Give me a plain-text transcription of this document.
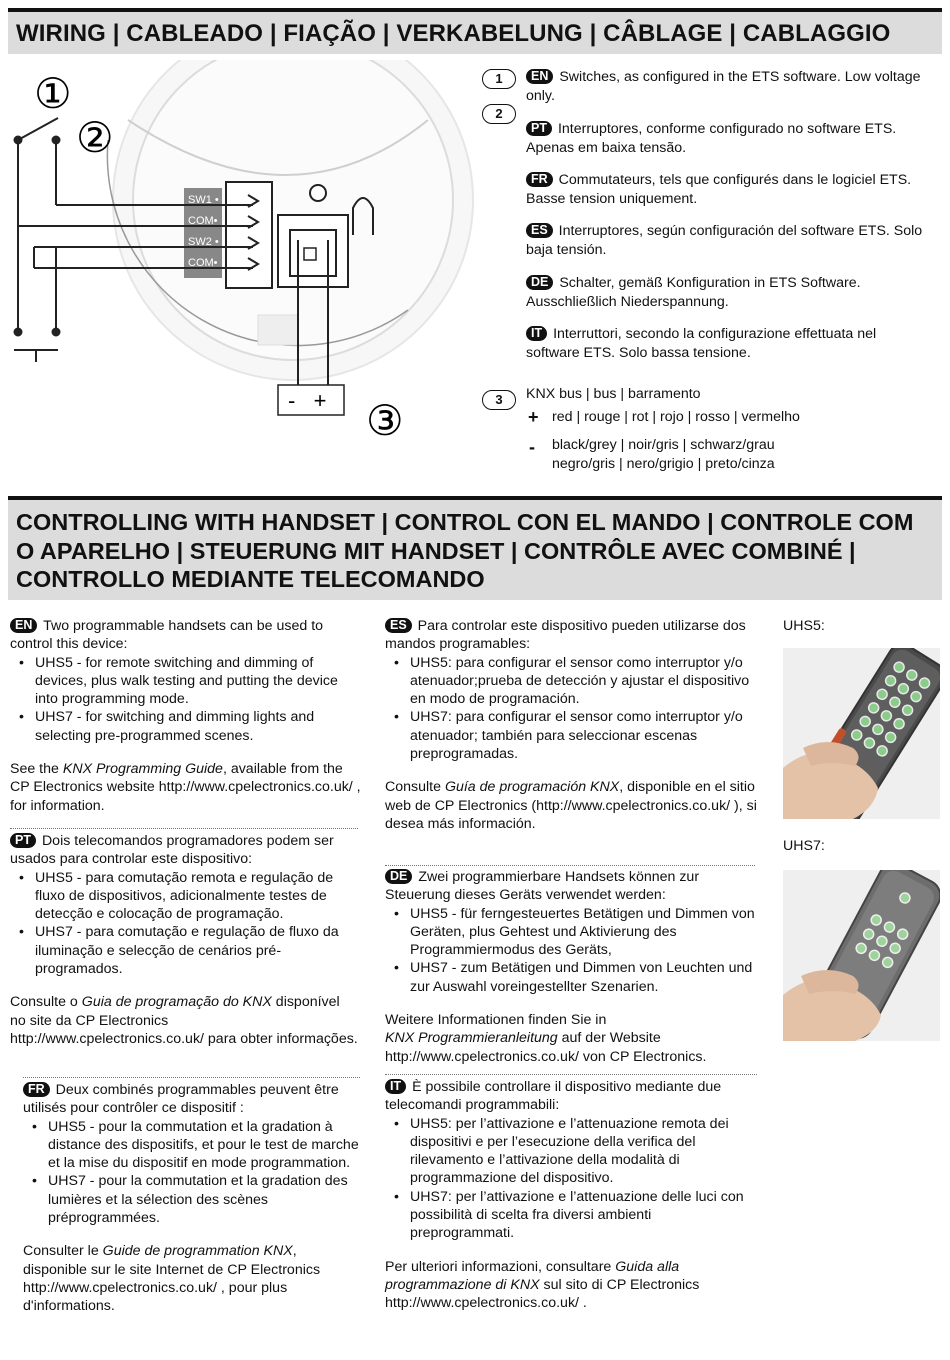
WIRING | CABLEADO | FIAÇÃO | VERKABELUNG | CÂBLAGE | CABLAGGIO
SW1 •
COM•
SW2 •
COM•
-   +
①
②
③
1
2
EN Switches, as configured in the ETS software. Low voltage only.
PT Interruptores, conforme configurado no software ETS. Apenas em baixa tensão.
FR Commutateurs, tels que configurés dans le logiciel ETS. Basse tension uniquement.
ES Interruptores, según configuración del software ETS. Solo baja tensión.
DE Schalter, gemäß Konfiguration in ETS Software. Ausschließlich Niederspannung.
IT Interruttori, secondo la configurazione effettuata nel software ETS. Solo bassa tensione.
3	KNX bus | bus | barramento
+ red | rouge | rot | rojo | rosso | vermelho
- black/grey | noir/gris | schwarz/grau
negro/gris | nero/grigio | preto/cinza
CONTROLLING WITH HANDSET | CONTROL CON EL MANDO | CONTROLE COM O APARELHO | STEUERUNG MIT HANDSET | CONTRÔLE AVEC COMBINÉ | CONTROLLO MEDIANTE TELECOMANDO

EN Two programmable handsets can be used to control this device:

• UHS5 - for remote switching and dimming of devices, plus walk testing and putting the device into programming mode.
• UHS7 - for switching and dimming lights and selecting pre-programmed scenes.

See the KNX Programming Guide, available from the CP Electronics website http://www.cpelectronics.co.uk/ , for information.

PT Dois telecomandos programadores podem ser usados para controlar este dispositivo:

• UHS5 - para comutação remota e regulação de fluxo de dispositivos, adicionalmente testes de detecção e colocação de programação.
• UHS7 - para comutação e regulação de fluxo da iluminação e selecção de cenários pré-programados.

Consulte o Guia de programação do KNX disponível no site da CP Electronics http://www.cpelectronics.co.uk/ para obter informações.

FR Deux combinés programmables peuvent être utilisés pour contrôler ce dispositif :

• UHS5 - pour la commutation et la gradation à distance des dispositifs, et pour le test de marche et la mise du dispositif en mode programmation.
• UHS7 - pour la commutation et la gradation des lumières et la sélection des scènes préprogrammées.

Consulter le Guide de programmation KNX, disponible sur le site Internet de CP Electronics http://www.cpelectronics.co.uk/ , pour plus d'informations.

ES Para controlar este dispositivo pueden utilizarse dos mandos programables:

• UHS5: para configurar el sensor como interruptor y/o atenuador;prueba de detección y ajustar el dispositivo en modo de programación.
• UHS7: para configurar el sensor como interruptor y/o atenuador; también para seleccionar escenas preprogramadas.

Consulte Guía de programación KNX, disponible en el sitio web de CP Electronics (http://www.cpelectronics.co.uk/ ), si desea más información.

DE Zwei programmierbare Handsets können zur Steuerung dieses Geräts verwendet werden:

• UHS5 - für ferngesteuertes Betätigen und Dimmen von Geräten, plus Gehtest und Aktivierung des Programmiermodus des Geräts,
• UHS7 - zum Betätigen und Dimmen von Leuchten und zur Auswahl voreingestellter Szenarien.

Weitere Informationen finden Sie in
KNX Programmieranleitung auf der Website http://www.cpelectronics.co.uk/ von CP Electronics.

IT È possibile controllare il dispositivo mediante due telecomandi programmabili:

• UHS5: per l’attivazione e l’attenuazione remota dei dispositivi e per l’esecuzione della verifica del rilevamento e l’attivazione della modalità di programmazione del dispositivo.
• UHS7: per l’attivazione e l’attenuazione delle luci con possibilità di scelta fra diversi ambienti preprogrammati.

Per ulteriori informazioni, consultare Guida alla programmazione di KNX sul sito di CP Electronics http://www.cpelectronics.co.uk/ .

UHS5:
UHS7:
